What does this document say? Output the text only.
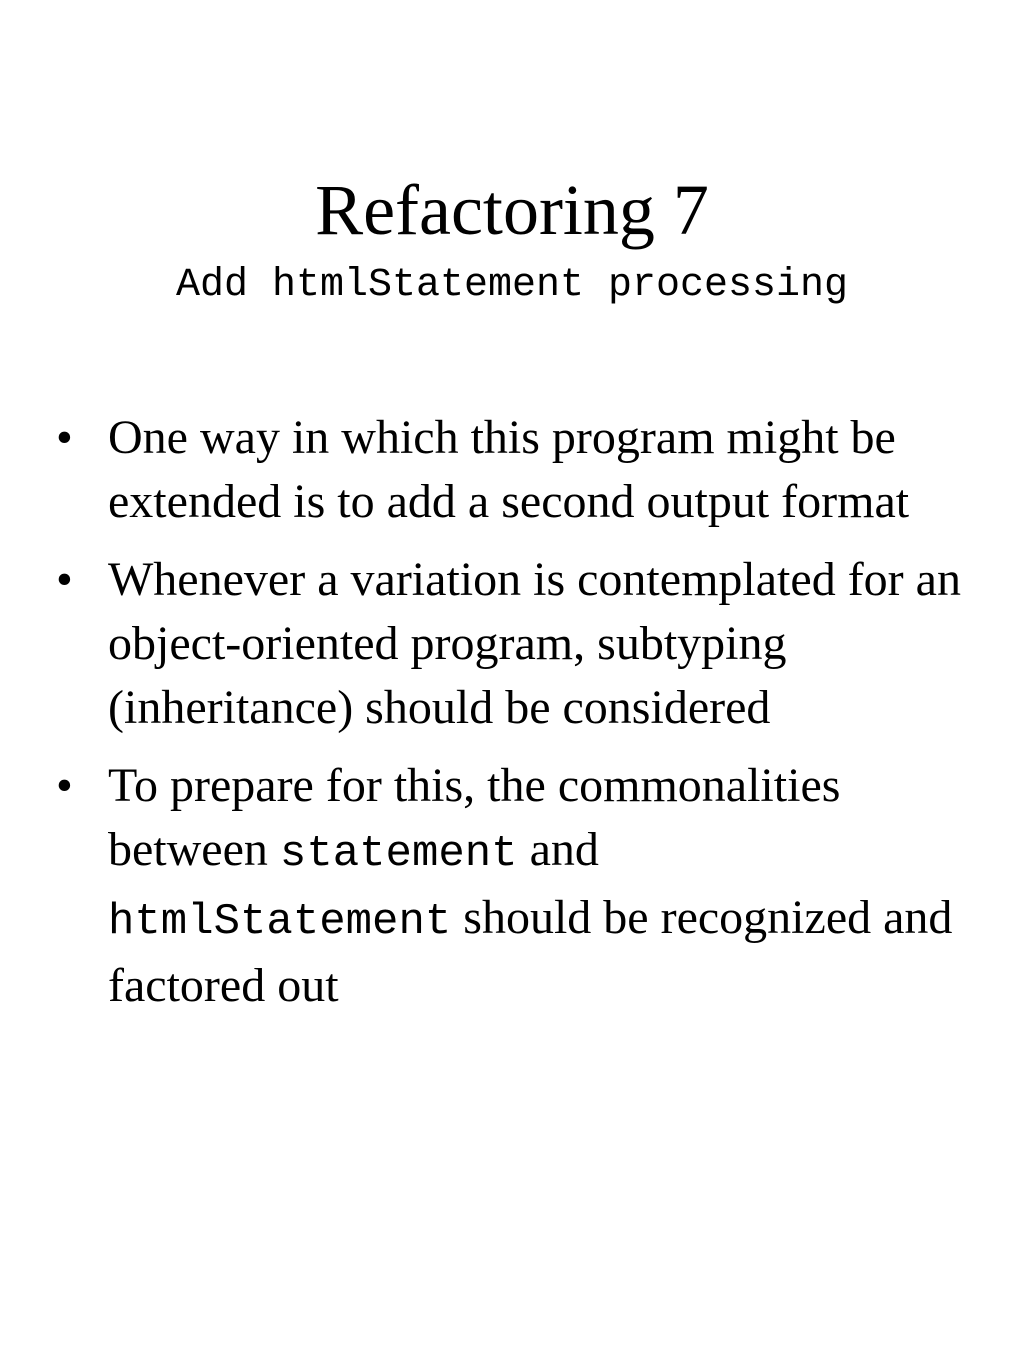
Refactoring 7
Add htmlStatement processing
• One way in which this program might be extended is to add a second output format
• Whenever a variation is contemplated for an object-oriented program, subtyping (inheritance) should be considered
• To prepare for this, the commonalities between statement and
htmlStatement should be recognized and factored out
